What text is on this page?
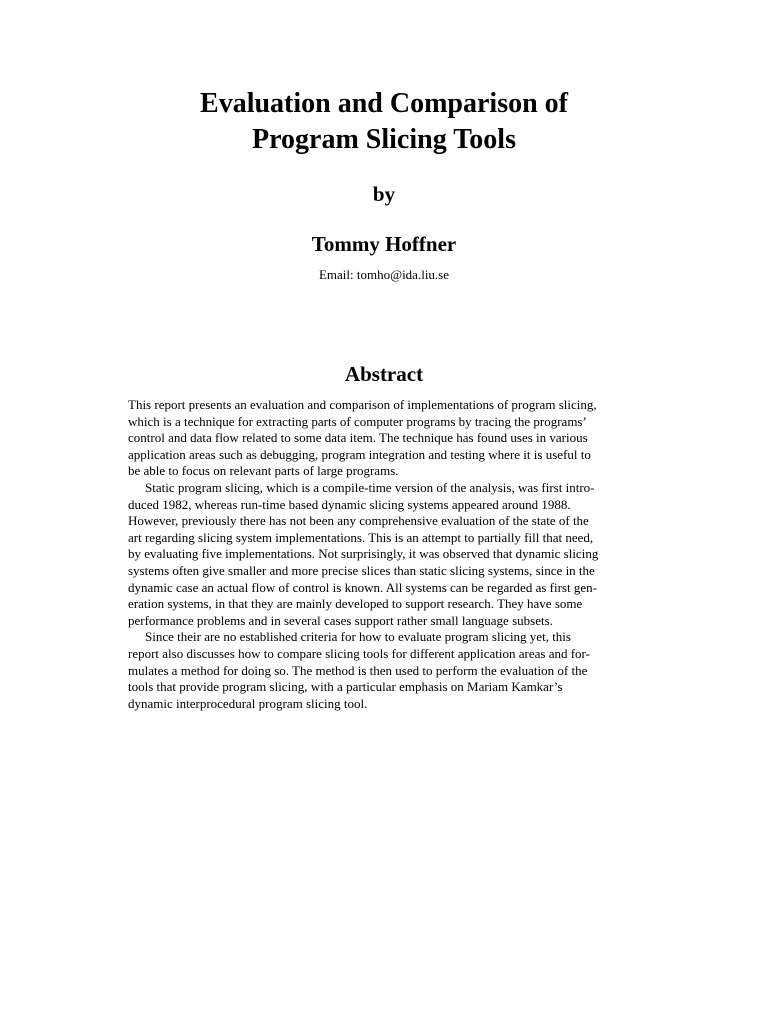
Evaluation and Comparison of
Program Slicing Tools
by
Tommy Hoffner
Email: tomho@ida.liu.se
Abstract
This report presents an evaluation and comparison of implementations of program slicing,
which is a technique for extracting parts of computer programs by tracing the programs’
control and data flow related to some data item. The technique has found uses in various
application areas such as debugging, program integration and testing where it is useful to
be able to focus on relevant parts of large programs.
Static program slicing, which is a compile-time version of the analysis, was first intro-
duced 1982, whereas run-time based dynamic slicing systems appeared around 1988.
However, previously there has not been any comprehensive evaluation of the state of the
art regarding slicing system implementations. This is an attempt to partially fill that need,
by evaluating five implementations. Not surprisingly, it was observed that dynamic slicing
systems often give smaller and more precise slices than static slicing systems, since in the
dynamic case an actual flow of control is known. All systems can be regarded as first gen-
eration systems, in that they are mainly developed to support research. They have some
performance problems and in several cases support rather small language subsets.
Since their are no established criteria for how to evaluate program slicing yet, this
report also discusses how to compare slicing tools for different application areas and for-
mulates a method for doing so. The method is then used to perform the evaluation of the
tools that provide program slicing, with a particular emphasis on Mariam Kamkar’s
dynamic interprocedural program slicing tool.
